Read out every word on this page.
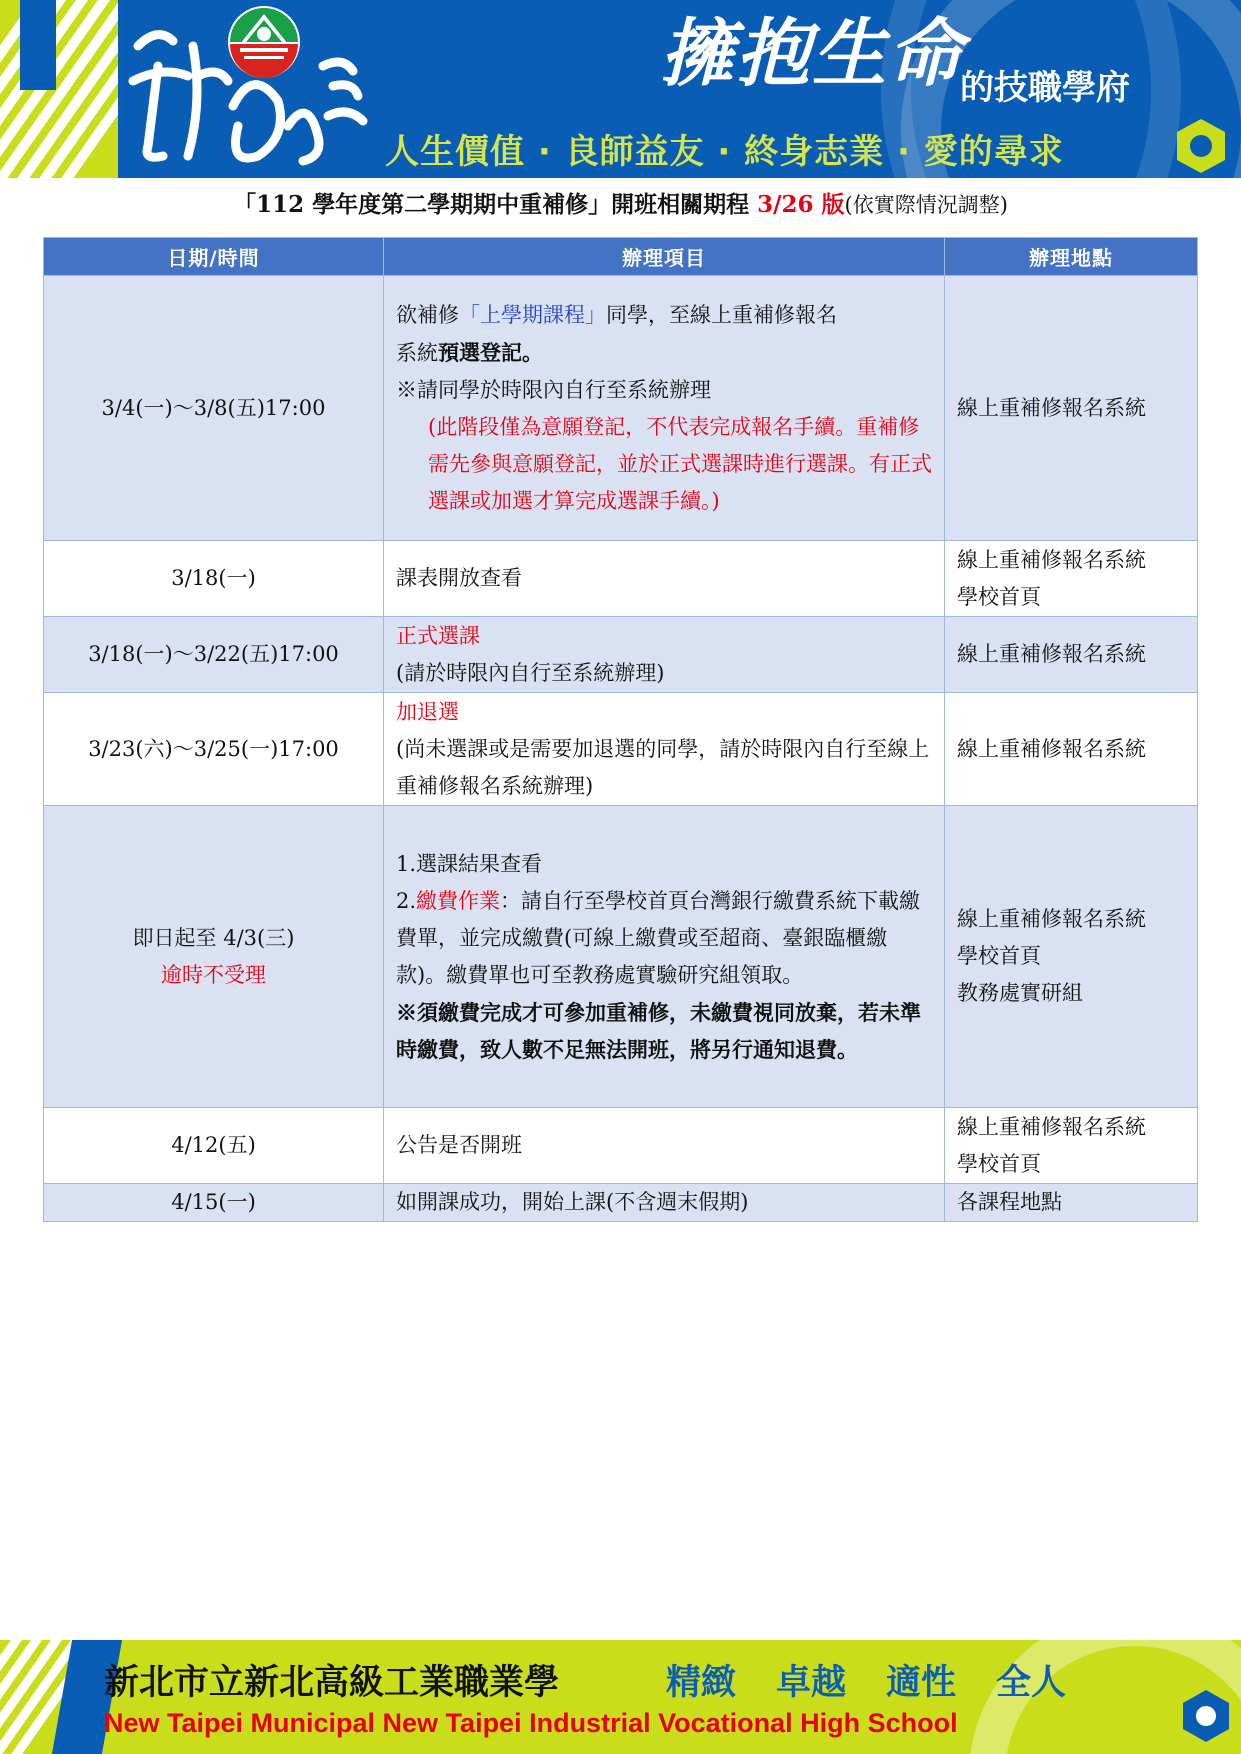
擁抱生命
的技職學府
人生價值 · 良師益友 · 終身志業 · 愛的尋求
「112 學年度第二學期期中重補修」開班相關期程 3/26 版(依實際情況調整)
日期/時間	辦理項目	辦理地點
3/4(一)～3/8(五)17:00	欲補修「上學期課程」同學，至線上重補修報名
系統預選登記。
※請同學於時限內自行至系統辦理
(此階段僅為意願登記，不代表完成報名手續。重補修需先參與意願登記，並於正式選課時進行選課。有正式選課或加選才算完成選課手續。)	線上重補修報名系統
3/18(一)	課表開放查看	線上重補修報名系統
學校首頁

3/18(一)～3/22(五)17:00	正式選課
(請於時限內自行至系統辦理)	線上重補修報名系統
3/23(六)～3/25(一)17:00	加退選
(尚未選課或是需要加退選的同學，請於時限內自行至線上重補修報名系統辦理)	線上重補修報名系統

即日起至 4/3(三)
逾時不受理	1.選課結果查看
2.繳費作業：請自行至學校首頁台灣銀行繳費系統下載繳費單，並完成繳費(可線上繳費或至超商、臺銀臨櫃繳款)。繳費單也可至教務處實驗研究組領取。
※須繳費完成才可參加重補修，未繳費視同放棄，若未準時繳費，致人數不足無法開班，將另行通知退費。	線上重補修報名系統
學校首頁
教務處實研組

4/12(五)	公告是否開班	線上重補修報名系統
學校首頁

4/15(一)	如開課成功，開始上課(不含週末假期)	各課程地點
新北市立新北高級工業職業學	精緻 卓越 適性 全人
New Taipei Municipal New Taipei Industrial Vocational High School
